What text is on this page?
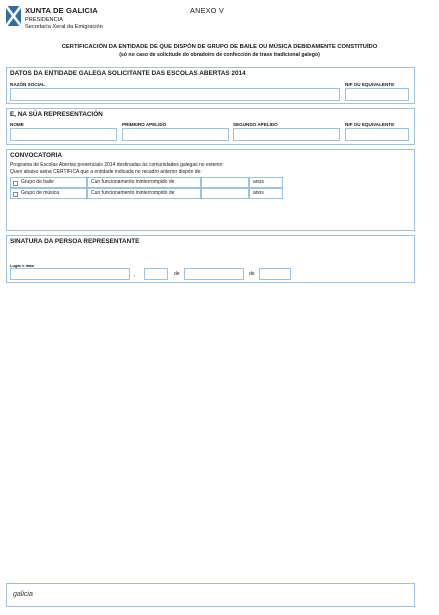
XUNTA DE GALICIA
PRESIDENCIA
Secretaría Xeral da Emigración
ANEXO V
CERTIFICACIÓN DA ENTIDADE DE QUE DISPÓN DE GRUPO DE BAILE OU MÚSICA DEBIDAMENTE CONSTITUÍDO
(só no caso de solicitude do obradoiro de confección de traxe tradicional galego)
DATOS DA ENTIDADE GALEGA SOLICITANTE DAS ESCOLAS ABERTAS 2014
RAZÓN SOCIAL	NIF OU EQUIVALENTE
E, NA SÚA REPRESENTACIÓN
NOME	PRIMEIRO APELIDO	SEGUNDO APELIDO	NIF OU EQUIVALENTE
CONVOCATORIA
Programa de Escolas Abertas presenciais 2014 destinadas ás comunidades galegas no exterior
Quen abaixo asina CERTIFICA que a entidade indicada no recadro anterior dispón de:
Grupo de baile	Cun funcionamento ininterrompido de	anos
Grupo de música	Cun funcionamento ininterrompido de	anos
SINATURA DA PERSOA REPRESENTANTE
Lugar e data
,	de	de
galicia
